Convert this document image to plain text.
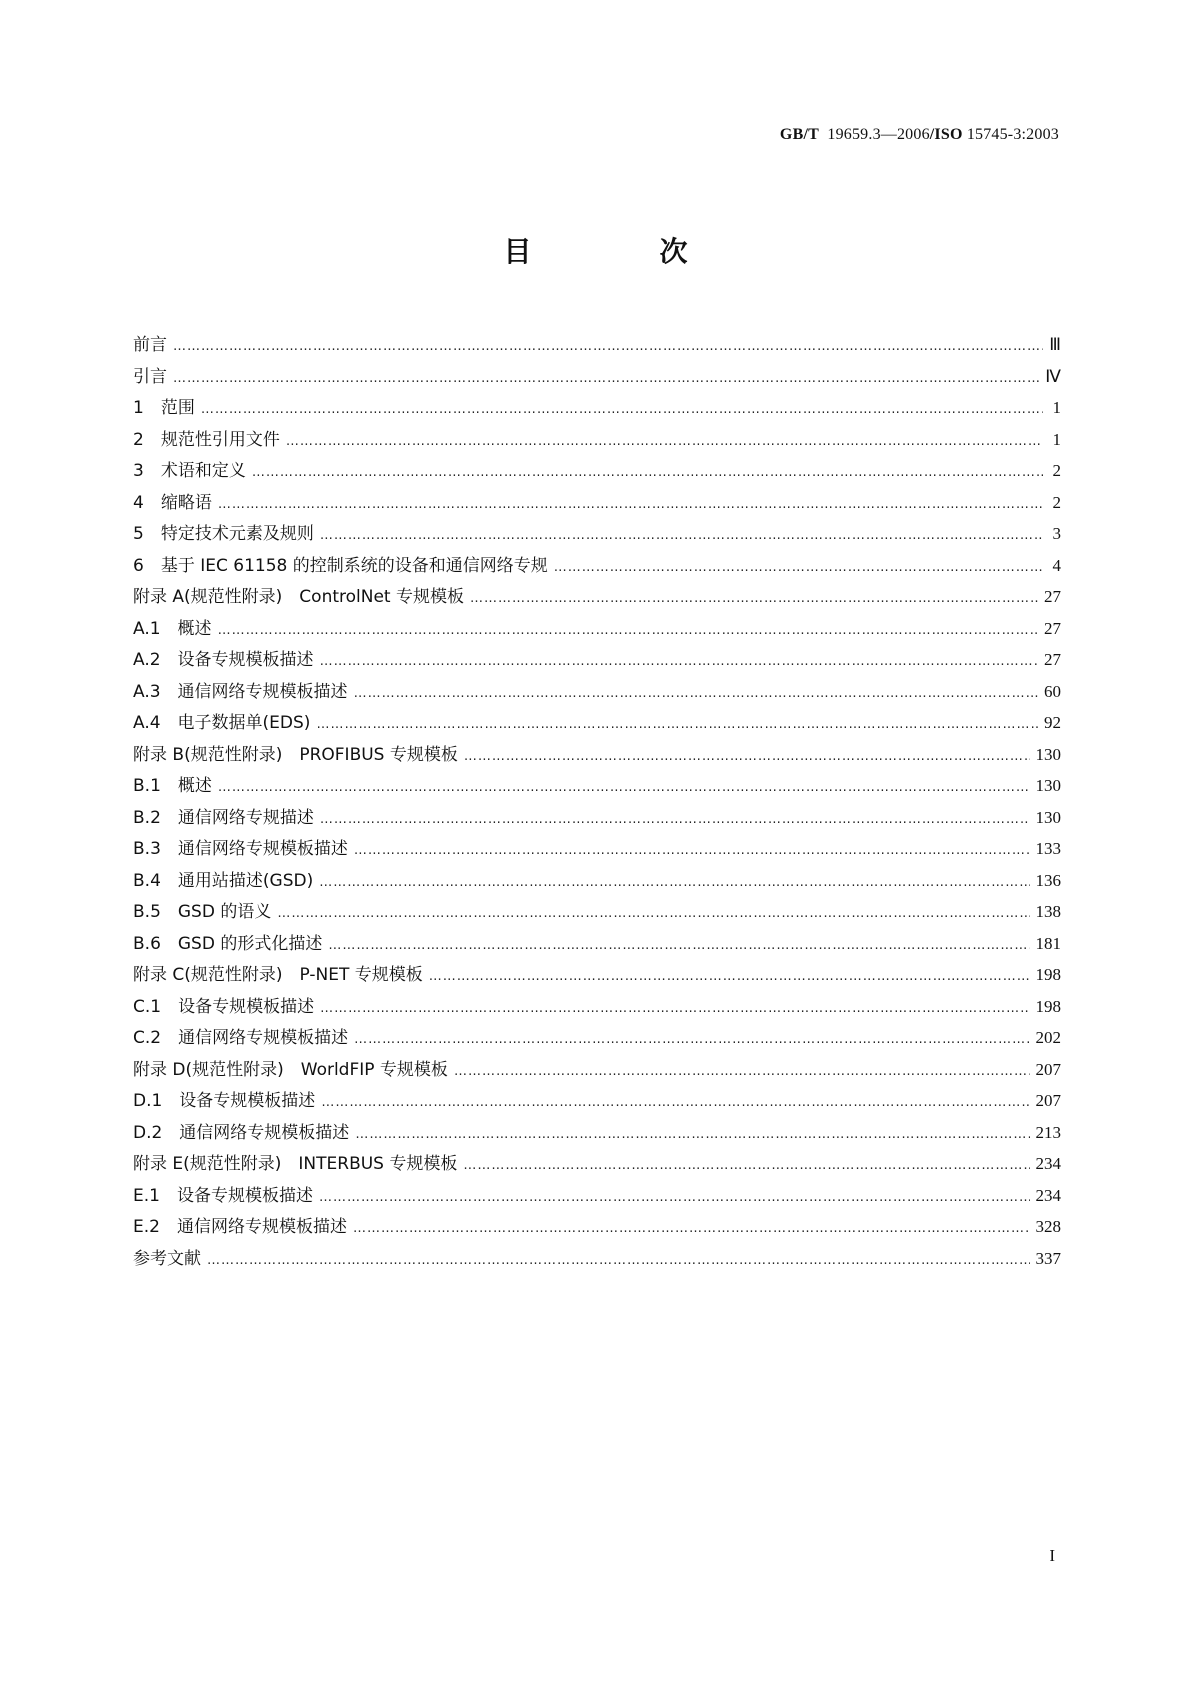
GB/T 19659.3—2006/ISO 15745-3:2003
目　次
前言 ………………………………………………………………………………………………………………………………………………………………………………………………	Ⅲ
引言 ………………………………………………………………………………………………………………………………………………………………………………………………	Ⅳ
1　范围 ………………………………………………………………………………………………………………………………………………………………………………………………	1
2　规范性引用文件 ………………………………………………………………………………………………………………………………………………………………………………………………	1
3　术语和定义 ………………………………………………………………………………………………………………………………………………………………………………………………	2
4　缩略语 ………………………………………………………………………………………………………………………………………………………………………………………………	2
5　特定技术元素及规则 ………………………………………………………………………………………………………………………………………………………………………………………………	3
6　基于 IEC 61158 的控制系统的设备和通信网络专规 ………………………………………………………………………………………………………………………………………………………………………………………………	4
附录 A(规范性附录)　ControlNet 专规模板 ………………………………………………………………………………………………………………………………………………………………………………………………	27
A.1　概述 ………………………………………………………………………………………………………………………………………………………………………………………………	27
A.2　设备专规模板描述 ………………………………………………………………………………………………………………………………………………………………………………………………	27
A.3　通信网络专规模板描述 ………………………………………………………………………………………………………………………………………………………………………………………………	60
A.4　电子数据单(EDS) ………………………………………………………………………………………………………………………………………………………………………………………………	92
附录 B(规范性附录)　PROFIBUS 专规模板 ………………………………………………………………………………………………………………………………………………………………………………………………	130
B.1　概述 ………………………………………………………………………………………………………………………………………………………………………………………………	130
B.2　通信网络专规描述 ………………………………………………………………………………………………………………………………………………………………………………………………	130
B.3　通信网络专规模板描述 ………………………………………………………………………………………………………………………………………………………………………………………………	133
B.4　通用站描述(GSD) ………………………………………………………………………………………………………………………………………………………………………………………………	136
B.5　GSD 的语义 ………………………………………………………………………………………………………………………………………………………………………………………………	138
B.6　GSD 的形式化描述 ………………………………………………………………………………………………………………………………………………………………………………………………	181
附录 C(规范性附录)　P-NET 专规模板 ………………………………………………………………………………………………………………………………………………………………………………………………	198
C.1　设备专规模板描述 ………………………………………………………………………………………………………………………………………………………………………………………………	198
C.2　通信网络专规模板描述 ………………………………………………………………………………………………………………………………………………………………………………………………	202
附录 D(规范性附录)　WorldFIP 专规模板 ………………………………………………………………………………………………………………………………………………………………………………………………	207
D.1　设备专规模板描述 ………………………………………………………………………………………………………………………………………………………………………………………………	207
D.2　通信网络专规模板描述 ………………………………………………………………………………………………………………………………………………………………………………………………	213
附录 E(规范性附录)　INTERBUS 专规模板 ………………………………………………………………………………………………………………………………………………………………………………………………	234
E.1　设备专规模板描述 ………………………………………………………………………………………………………………………………………………………………………………………………	234
E.2　通信网络专规模板描述 ………………………………………………………………………………………………………………………………………………………………………………………………	328
参考文献 ………………………………………………………………………………………………………………………………………………………………………………………………	337
I
